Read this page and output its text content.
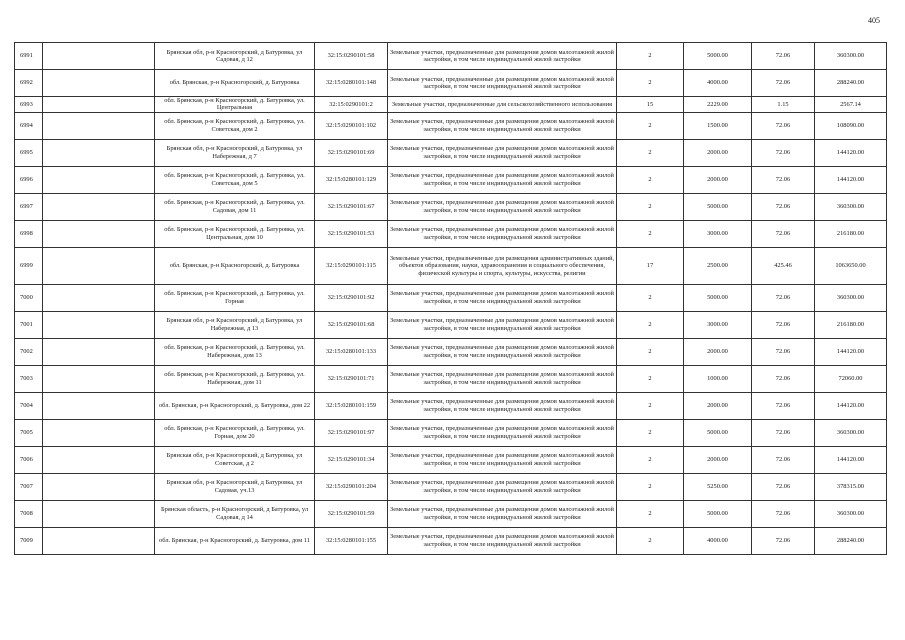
405
6991		Брянская обл, р-н Красногорский, д Батуровка, ул Садовая, д 12	32:15:0290101:58	Земельные участки, предназначенные для размещения домов малоэтажной жилой застройки, в том числе индивидуальной жилой застройки	2	5000.00	72.06	360300.00

6992		обл. Брянская, р-н Красногорский, д. Батуровка	32:15:0280101:148	Земельные участки, предназначенные для размещения домов малоэтажной жилой застройки, в том числе индивидуальной жилой застройки	2	4000.00	72.06	288240.00

6993		обл. Брянская, р-н Красногорский, д. Батуровка, ул. Центральная	32:15:0290101:2	Земельные участки, предназначенные для сельскохозяйственного использования	15	2229.00	1.15	2567.14

6994		обл. Брянская, р-н Красногорский, д. Батуровка, ул. Советская, дом 2	32:15:0290101:102	Земельные участки, предназначенные для размещения домов малоэтажной жилой застройки, в том числе индивидуальной жилой застройки	2	1500.00	72.06	108090.00

6995		Брянская обл, р-н Красногорский, д Батуровка, ул Набережная, д 7	32:15:0290101:69	Земельные участки, предназначенные для размещения домов малоэтажной жилой застройки, в том числе индивидуальной жилой застройки	2	2000.00	72.06	144120.00

6996		обл. Брянская, р-н Красногорский, д. Батуровка, ул. Советская, дом 5	32:15:0280101:129	Земельные участки, предназначенные для размещения домов малоэтажной жилой застройки, в том числе индивидуальной жилой застройки	2	2000.00	72.06	144120.00

6997		обл. Брянская, р-н Красногорский, д. Батуровка, ул. Садовая, дом 11	32:15:0290101:67	Земельные участки, предназначенные для размещения домов малоэтажной жилой застройки, в том числе индивидуальной жилой застройки	2	5000.00	72.06	360300.00

6998		обл. Брянская, р-н Красногорский, д. Батуровка, ул. Центральная, дом 10	32:15:0290101:53	Земельные участки, предназначенные для размещения домов малоэтажной жилой застройки, в том числе индивидуальной жилой застройки	2	3000.00	72.06	216180.00

6999		обл. Брянская, р-н Красногорский, д. Батуровка	32:15:0290101:115	Земельные участки, предназначенные для размещения административных зданий, объектов образования, науки, здравоохранения и социального обеспечения, физической культуры и спорта, культуры, искусства, религии	17	2500.00	425.46	1063650.00

7000		обл. Брянская, р-н Красногорский, д. Батуровка, ул. Горная	32:15:0290101:92	Земельные участки, предназначенные для размещения домов малоэтажной жилой застройки, в том числе индивидуальной жилой застройки	2	5000.00	72.06	360300.00

7001		Брянская обл, р-н Красногорский, д Батуровка, ул Набережная, д 13	32:15:0290101:68	Земельные участки, предназначенные для размещения домов малоэтажной жилой застройки, в том числе индивидуальной жилой застройки	2	3000.00	72.06	216180.00

7002		обл. Брянская, р-н Красногорский, д. Батуровка, ул. Набережная, дом 13	32:15:0280101:133	Земельные участки, предназначенные для размещения домов малоэтажной жилой застройки, в том числе индивидуальной жилой застройки	2	2000.00	72.06	144120.00

7003		обл. Брянская, р-н Красногорский, д. Батуровка, ул. Набережная, дом 11	32:15:0290101:71	Земельные участки, предназначенные для размещения домов малоэтажной жилой застройки, в том числе индивидуальной жилой застройки	2	1000.00	72.06	72060.00

7004		обл. Брянская, р-н Красногорский, д. Батуровка, дом 22	32:15:0280101:159	Земельные участки, предназначенные для размещения домов малоэтажной жилой застройки, в том числе индивидуальной жилой застройки	2	2000.00	72.06	144120.00

7005		обл. Брянская, р-н Красногорский, д. Батуровка, ул. Горная, дом 20	32:15:0290101:97	Земельные участки, предназначенные для размещения домов малоэтажной жилой застройки, в том числе индивидуальной жилой застройки	2	5000.00	72.06	360300.00

7006		Брянская обл, р-н Красногорский, д Батуровка, ул Советская, д 2	32:15:0290101:34	Земельные участки, предназначенные для размещения домов малоэтажной жилой застройки, в том числе индивидуальной жилой застройки	2	2000.00	72.06	144120.00

7007		Брянская обл, р-н Красногорский, д Батуровка, ул Садовая, уч.13	32:15:0290101:204	Земельные участки, предназначенные для размещения домов малоэтажной жилой застройки, в том числе индивидуальной жилой застройки	2	5250.00	72.06	378315.00

7008		Брянская область, р-н Красногорский, д Батуровка, ул Садовая, д 14	32:15:0290101:59	Земельные участки, предназначенные для размещения домов малоэтажной жилой застройки, в том числе индивидуальной жилой застройки	2	5000.00	72.06	360300.00

7009		обл. Брянская, р-н Красногорский, д. Батуровка, дом 11	32:15:0280101:155	Земельные участки, предназначенные для размещения домов малоэтажной жилой застройки, в том числе индивидуальной жилой застройки	2	4000.00	72.06	288240.00
